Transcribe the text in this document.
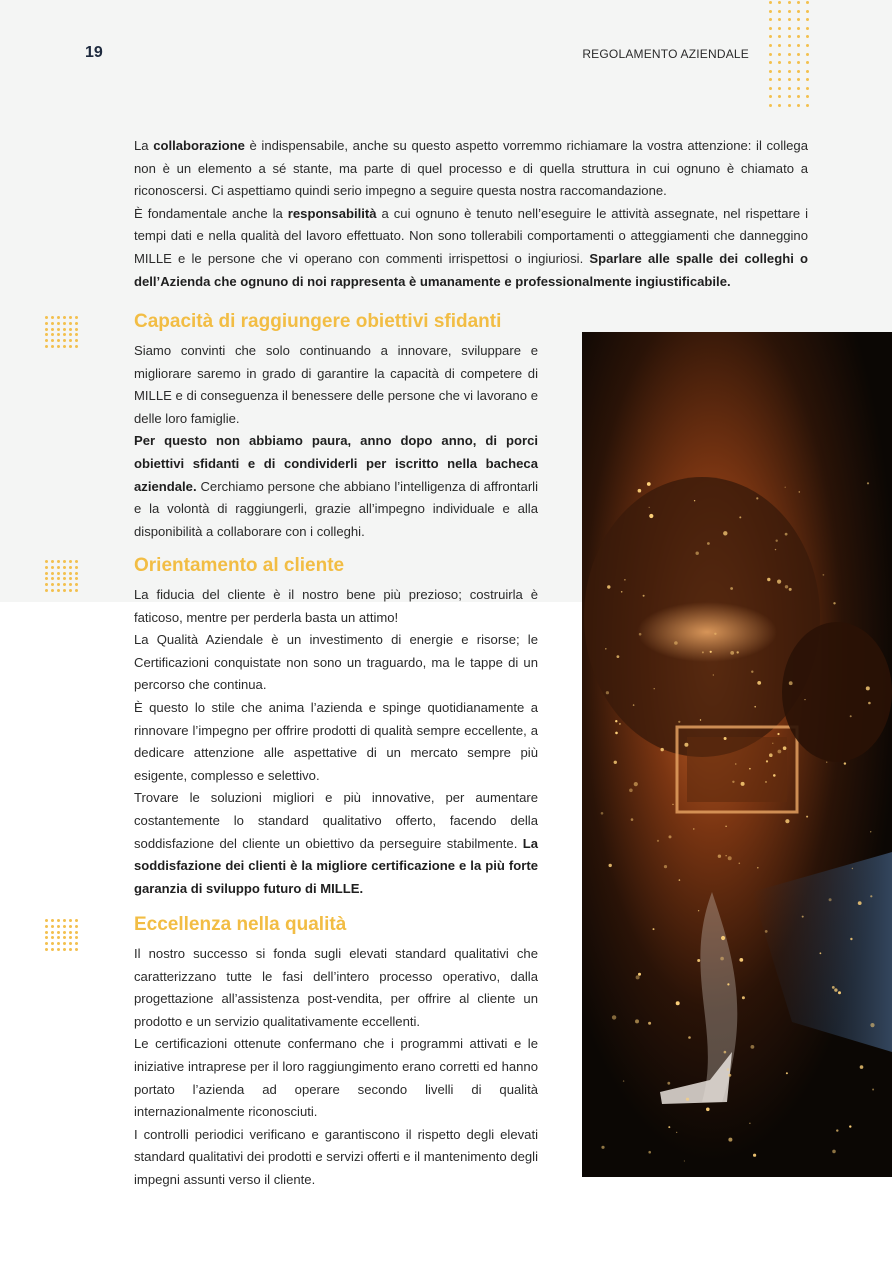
19	REGOLAMENTO AZIENDALE

La collaborazione è indispensabile, anche su questo aspetto vorremmo richiamare la vostra attenzione: il collega non è un elemento a sé stante, ma parte di quel processo e di quella struttura in cui ognuno è chiamato a riconoscersi. Ci aspettiamo quindi serio impegno a seguire questa nostra raccomandazione.

È fondamentale anche la responsabilità a cui ognuno è tenuto nell’eseguire le attività assegnate, nel rispettare i tempi dati e nella qualità del lavoro effettuato. Non sono tollerabili comportamenti o atteggiamenti che danneggino MILLE e le persone che vi operano con commenti irrispettosi o ingiuriosi. Sparlare alle spalle dei colleghi o dell’Azienda che ognuno di noi rappresenta è umanamente e professionalmente ingiustificabile.

Capacità di raggiungere obiettivi sfidanti

Siamo convinti che solo continuando a innovare, sviluppare e migliorare saremo in grado di garantire la capacità di competere di MILLE e di conseguenza il benessere delle persone che vi lavorano e delle loro famiglie.

Per questo non abbiamo paura, anno dopo anno, di porci obiettivi sfidanti e di condividerli per iscritto nella bacheca aziendale. Cerchiamo persone che abbiano l’intelligenza di affrontarli e la volontà di raggiungerli, grazie all’impegno individuale e alla disponibilità a collaborare con i colleghi.

Orientamento al cliente

La fiducia del cliente è il nostro bene più prezioso; costruirla è faticoso, mentre per perderla basta un attimo!

La Qualità Aziendale è un investimento di energie e risorse; le Certificazioni conquistate non sono un traguardo, ma le tappe di un percorso che continua.

È questo lo stile che anima l’azienda e spinge quotidianamente a rinnovare l’impegno per offrire prodotti di qualità sempre eccellente, a dedicare attenzione alle aspettative di un mercato sempre più esigente, complesso e selettivo.

Trovare le soluzioni migliori e più innovative, per aumentare costantemente lo standard qualitativo offerto, facendo della soddisfazione del cliente un obiettivo da perseguire stabilmente. La soddisfazione dei clienti è la migliore certificazione e la più forte garanzia di sviluppo futuro di MILLE.

Eccellenza nella qualità

Il nostro successo si fonda sugli elevati standard qualitativi che caratterizzano tutte le fasi dell’intero processo operativo, dalla progettazione all’assistenza post-vendita, per offrire al cliente un prodotto e un servizio qualitativamente eccellenti.

Le certificazioni ottenute confermano che i programmi attivati e le iniziative intraprese per il loro raggiungimento erano corretti ed hanno portato l’azienda ad operare secondo livelli di qualità internazionalmente riconosciuti.

I controlli periodici verificano e garantiscono il rispetto degli elevati standard qualitativi dei prodotti e servizi offerti e il mantenimento degli impegni assunti verso il cliente.
